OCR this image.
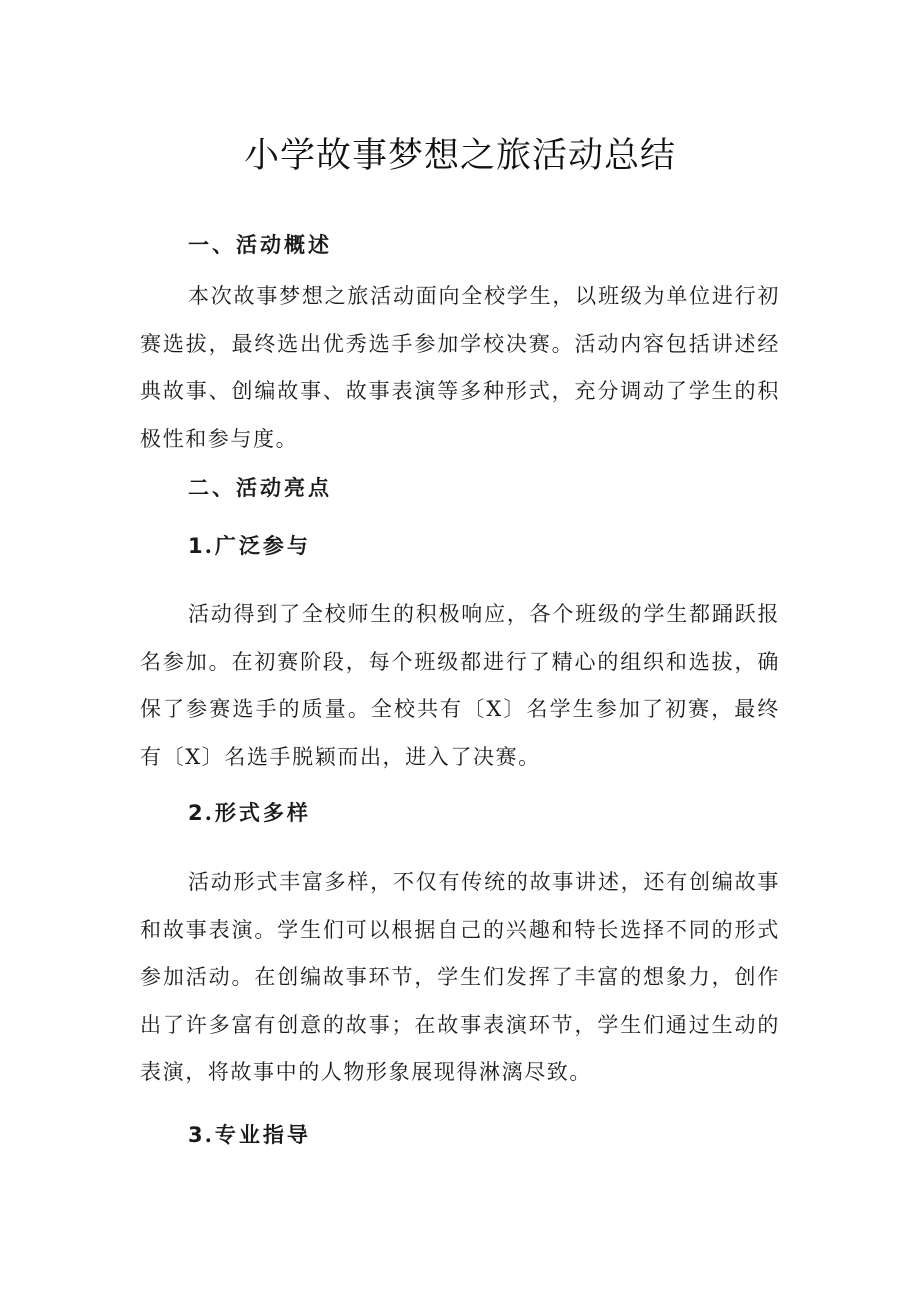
小学故事梦想之旅活动总结
一、活动概述

本次故事梦想之旅活动面向全校学生，以班级为单位进行初赛选拔，最终选出优秀选手参加学校决赛。活动内容包括讲述经典故事、创编故事、故事表演等多种形式，充分调动了学生的积极性和参与度。

二、活动亮点
1.广泛参与

活动得到了全校师生的积极响应，各个班级的学生都踊跃报名参加。在初赛阶段，每个班级都进行了精心的组织和选拔，确保了参赛选手的质量。全校共有〔X〕名学生参加了初赛，最终有〔X〕名选手脱颖而出，进入了决赛。

2.形式多样

活动形式丰富多样，不仅有传统的故事讲述，还有创编故事和故事表演。学生们可以根据自己的兴趣和特长选择不同的形式参加活动。在创编故事环节，学生们发挥了丰富的想象力，创作出了许多富有创意的故事；在故事表演环节，学生们通过生动的表演，将故事中的人物形象展现得淋漓尽致。

3.专业指导
